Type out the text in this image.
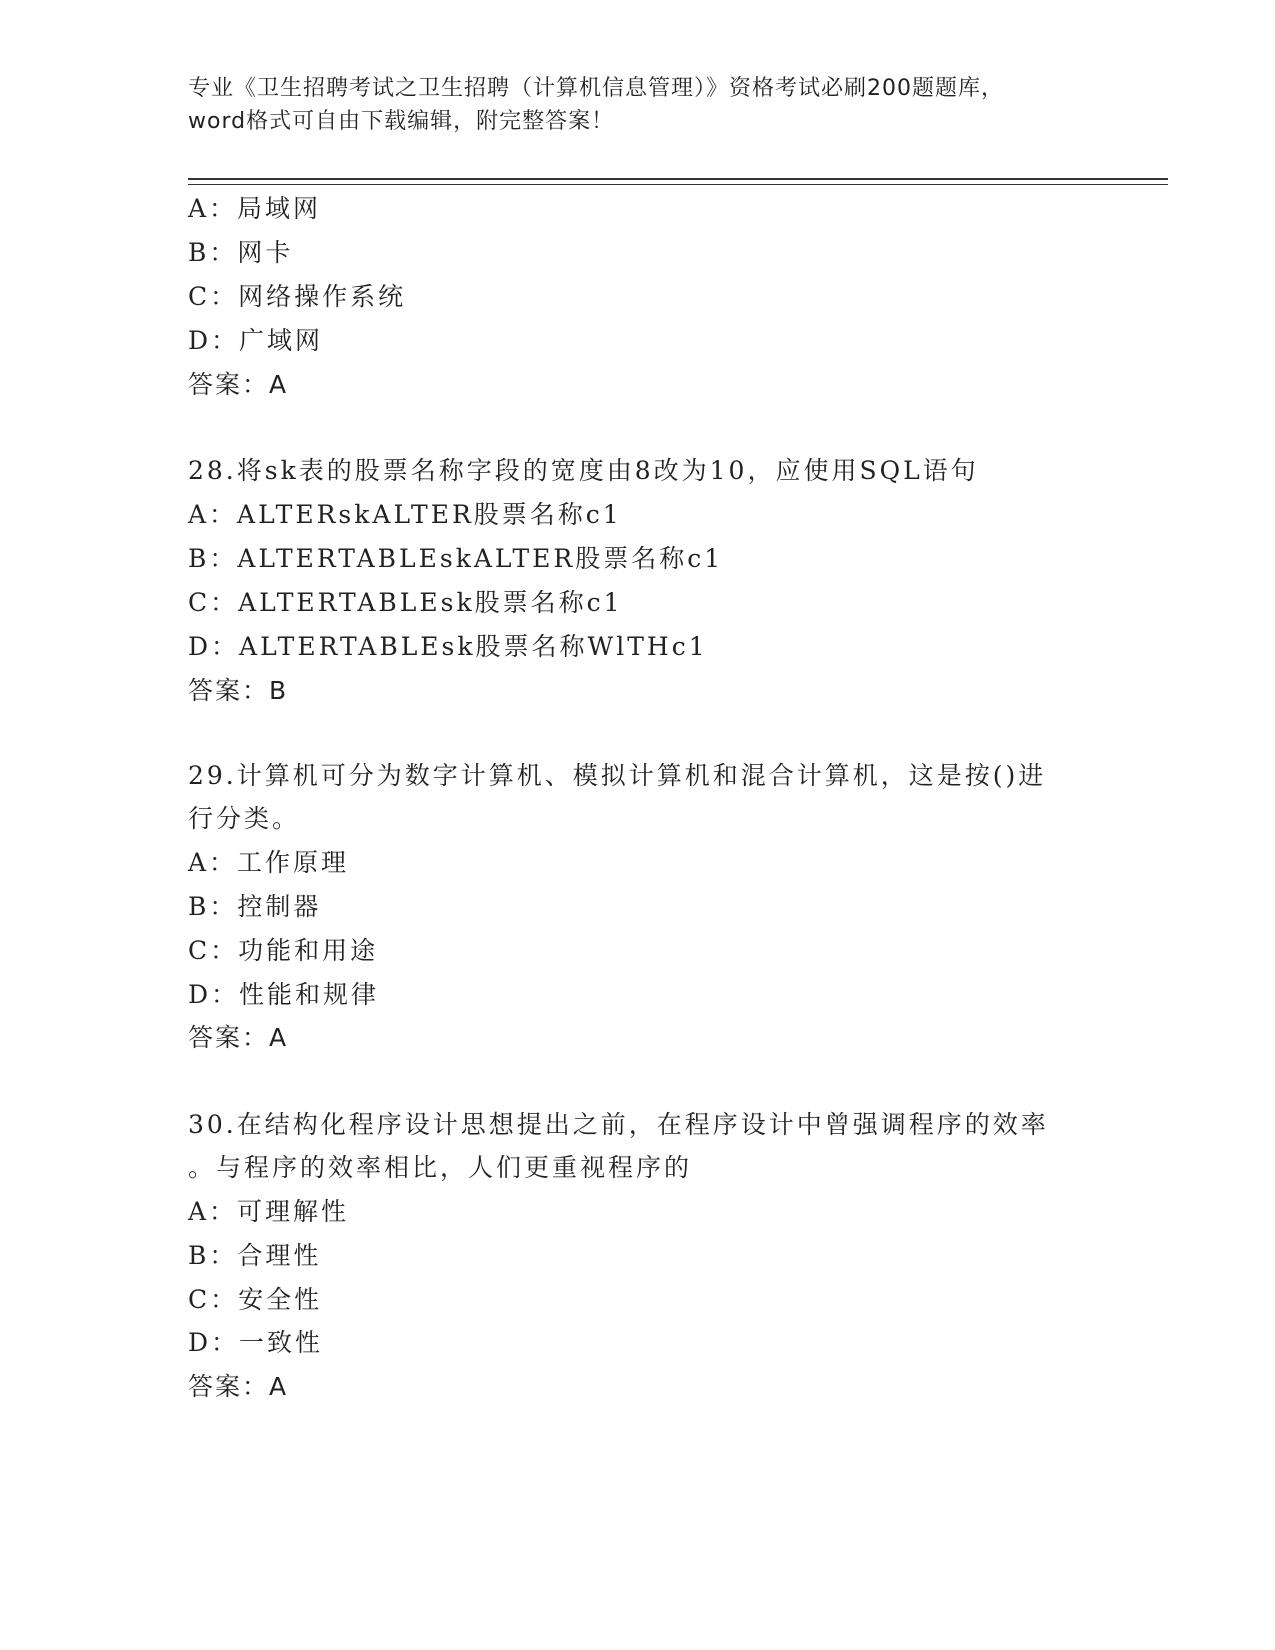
专业《卫生招聘考试之卫生招聘（计算机信息管理）》资格考试必刷200题题库，
word格式可自由下载编辑，附完整答案！
A：局域网
B：网卡
C：网络操作系统
D：广域网
答案：A
28.将sk表的股票名称字段的宽度由8改为10，应使用SQL语句
A：ALTERskALTER股票名称c1
B：ALTERTABLEskALTER股票名称c1
C：ALTERTABLEsk股票名称c1
D：ALTERTABLEsk股票名称WlTHc1
答案：B
29.计算机可分为数字计算机、模拟计算机和混合计算机，这是按()进
行分类。
A：工作原理
B：控制器
C：功能和用途
D：性能和规律
答案：A
30.在结构化程序设计思想提出之前，在程序设计中曾强调程序的效率
。与程序的效率相比，人们更重视程序的
A：可理解性
B：合理性
C：安全性
D：一致性
答案：A
